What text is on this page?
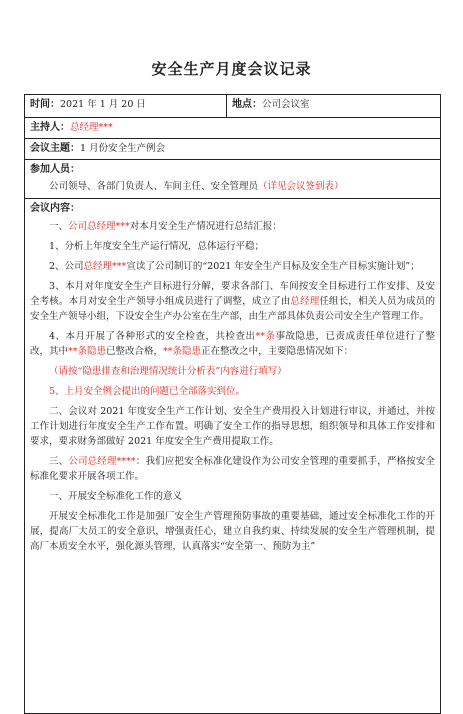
安全生产月度会议记录
时间：2021 年 1 月 20 日	地点：公司会议室
主持人：总经理***
会议主题：1 月份安全生产例会

参加人员：

公司领导、各部门负责人、车间主任、安全管理员（详见会议签到表）

会议内容：

一、公司总经理***对本月安全生产情况进行总结汇报：

1、分析上年度安全生产运行情况，总体运行平稳；

2、公司总经理***宣读了公司制订的“2021 年安全生产目标及安全生产目标实施计划”；

3、本月对年度安全生产目标进行分解，要求各部门、车间按安全目标进行工作安排、及安全考核。本月对安全生产领导小组成员进行了调整，成立了由总经理任组长，相关人员为成员的安全生产领导小组，下设安全生产办公室在生产部，由生产部具体负责公司安全生产管理工作。

4、本月开展了各种形式的安全检查，共检查出**条事故隐患，已责成责任单位进行了整改，其中**条隐患已整改合格，**条隐患正在整改之中，主要隐患情况如下：

（请按“隐患排查和治理情况统计分析表”内容进行填写）

5、上月安全例会提出的问题已全部落实到位。

二、会议对 2021 年度安全生产工作计划、安全生产费用投入计划进行审议，并通过，并按工作计划进行年度安全生产工作布置。明确了安全工作的指导思想，组织领导和具体工作安排和要求，要求财务部做好 2021 年度安全生产费用提取工作。

三、公司总经理****：我们应把安全标准化建设作为公司安全管理的重要抓手，严格按安全标准化要求开展各项工作。

一、开展安全标准化工作的意义

开展安全标准化工作是加强厂安全生产管理预防事故的重要基础，通过安全标准化工作的开展，提高厂大员工的安全意识，增强责任心，建立自我约束、持续发展的安全生产管理机制，提高厂本质安全水平，强化源头管理，认真落实“安全第一、预防为主”
